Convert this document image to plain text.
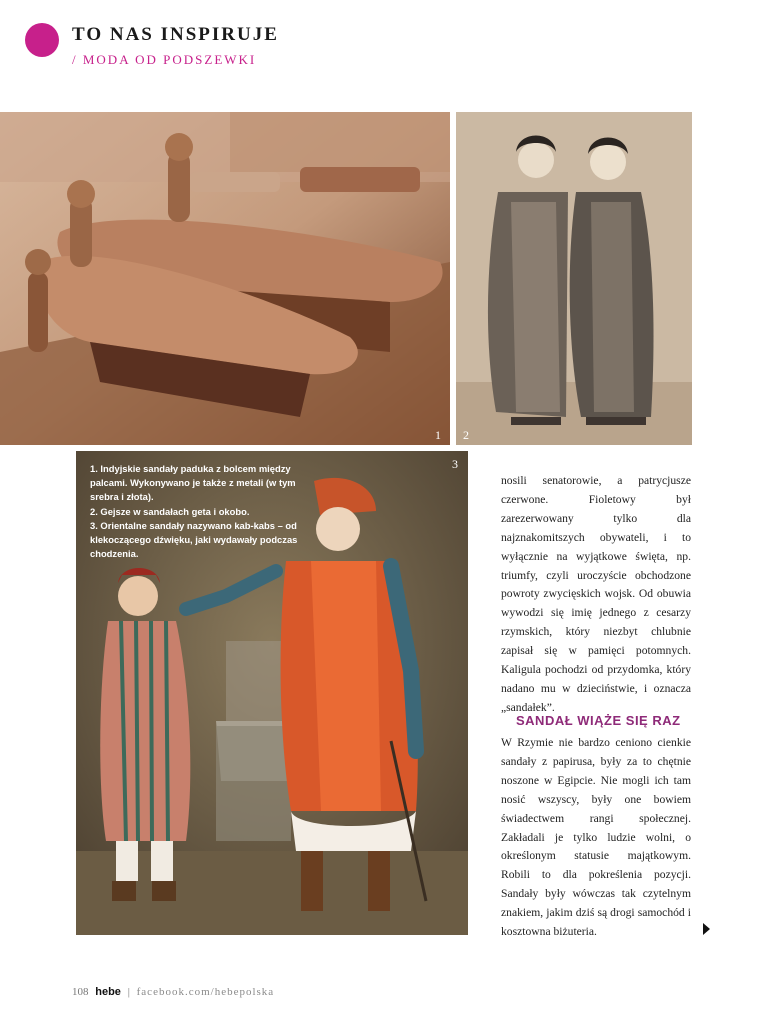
TO NAS INSPIRUJE
/ MODA OD PODSZEWKI
1 2
3

1. Indyjskie sandały paduka z bolcem między palcami. Wykonywano je także z metali (w tym srebra i złota).

2. Gejsze w sandałach geta i okobo.

3. Orientalne sandały nazywano kab-kabs – od klekoczącego dźwięku, jaki wydawały podczas chodzenia.

nosili senatorowie, a patrycjusze czerwone. Fioletowy był zarezerwowany tylko dla najznakomitszych obywateli, i to wyłącznie na wyjątkowe święta, np. triumfy, czyli uroczyście obchodzone powroty zwycięskich wojsk. Od obuwia wywodzi się imię jednego z cesarzy rzymskich, który niezbyt chlubnie zapisał się w pamięci potomnych. Kaligula pochodzi od przydomka, który nadano mu w dzieciństwie, i oznacza „sandałek”.

SANDAŁ WIĄŻE SIĘ RAZ

W Rzymie nie bardzo ceniono cienkie sandały z papirusa, były za to chętnie noszone w Egipcie. Nie mogli ich tam nosić wszyscy, były one bowiem świadectwem rangi społecznej. Zakładali je tylko ludzie wolni, o określonym statusie majątkowym. Robili to dla pokreślenia pozycji. Sandały były wówczas tak czytelnym znakiem, jakim dziś są drogi samochód i kosztowna biżuteria.

108 hebe | facebook.com/hebepolska
